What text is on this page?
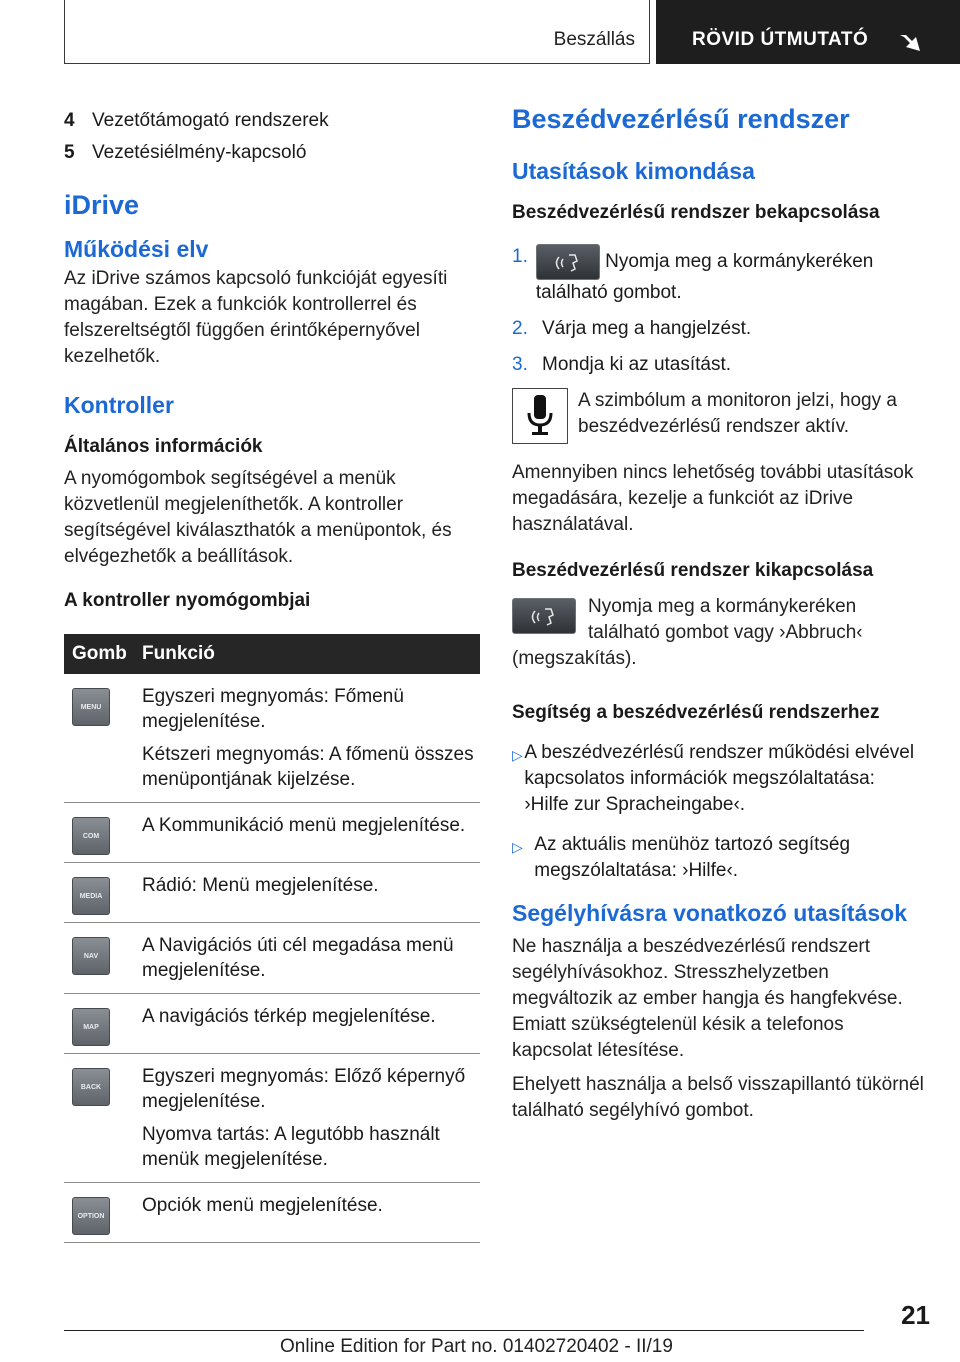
Beszállás	RÖVID ÚTMUTATÓ
4 Vezetőtámogató rendszerek
5 Vezetésiélmény-kapcsoló
iDrive
Működési elv
Az iDrive számos kapcsoló funkcióját egyesíti magában. Ezek a funkciók kontrollerrel és felszereltségtől függően érintőképernyővel kezelhetők.
Kontroller
Általános információk
A nyomógombok segítségével a menük közvetlenül megjeleníthetők. A kontroller segítségével kiválaszthatók a menüpontok, és elvégezhetők a beállítások.
A kontroller nyomógombjai
Gomb Funkció
MENU	Egyszeri megnyomás: Főmenü megjelenítése.

Kétszeri megnyomás: A főmenü összes menüpontjának kijelzése.

COM	A Kommunikáció menü megjelenítése.

MEDIA	Rádió: Menü megjelenítése.

NAV	A Navigációs úti cél megadása menü megjelenítése.

MAP	A navigációs térkép megjelenítése.

BACK	Egyszeri megnyomás: Előző képernyő megjelenítése.

Nyomva tartás: A legutóbb használt menük megjelenítése.

OPTION Opciók menü megjelenítése.

Beszédvezérlésű rendszer
Utasítások kimondása
Beszédvezérlésű rendszer bekapcsolása
1.	Nyomja meg a kormánykeréken található gombot.
2. Várja meg a hangjelzést.
3. Mondja ki az utasítást.
A szimbólum a monitoron jelzi, hogy a beszédvezérlésű rendszer aktív.
Amennyiben nincs lehetőség további utasítások megadására, kezelje a funkciót az iDrive használatával.
Beszédvezérlésű rendszer kikapcsolása
Nyomja meg a kormánykeréken található gombot vagy ›Abbruch‹ (megszakítás).
Segítség a beszédvezérlésű rendszerhez
▷ A beszédvezérlésű rendszer működési elvével kapcsolatos információk megszólaltatása: ›Hilfe zur Spracheingabe‹.
▷ Az aktuális menühöz tartozó segítség megszólaltatása: ›Hilfe‹.
Segélyhívásra vonatkozó utasítások
Ne használja a beszédvezérlésű rendszert segélyhívásokhoz. Stresszhelyzetben megváltozik az ember hangja és hangfekvése. Emiatt szükségtelenül késik a telefonos kapcsolat létesítése.
Ehelyett használja a belső visszapillantó tükörnél található segélyhívó gombot.
21
Online Edition for Part no. 01402720402 - II/19
